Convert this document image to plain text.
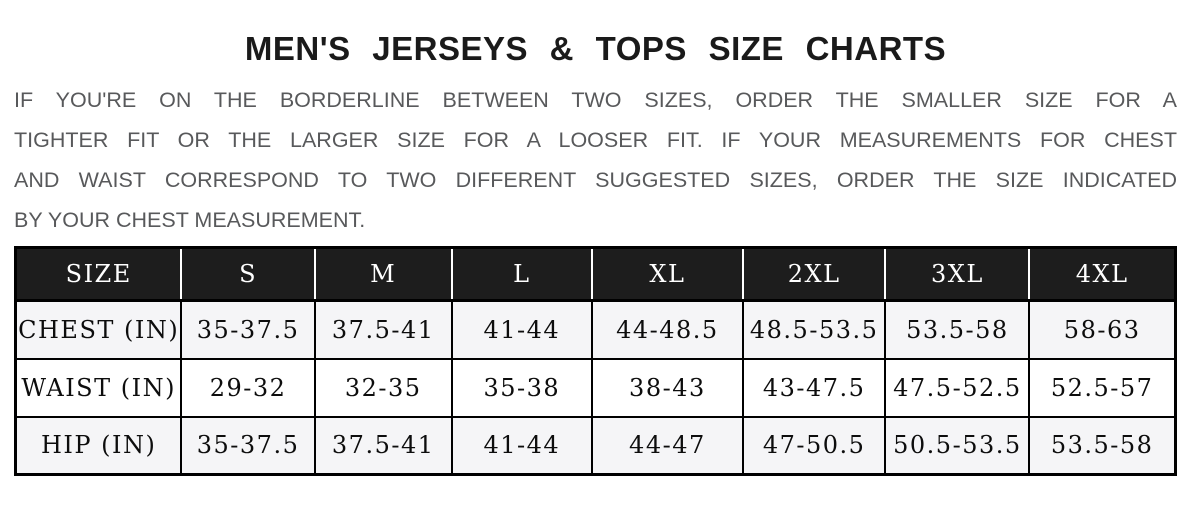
MEN'S JERSEYS & TOPS SIZE CHARTS
IF YOU'RE ON THE BORDERLINE BETWEEN TWO SIZES, ORDER THE SMALLER SIZE FOR A
TIGHTER FIT OR THE LARGER SIZE FOR A LOOSER FIT. IF YOUR MEASUREMENTS FOR CHEST
AND WAIST CORRESPOND TO TWO DIFFERENT SUGGESTED SIZES, ORDER THE SIZE INDICATED
BY YOUR CHEST MEASUREMENT.
SIZE	S	M	L	XL	2XL	3XL	4XL
CHEST (IN)	35-37.5	37.5-41	41-44	44-48.5	48.5-53.5	53.5-58	58-63
WAIST (IN)	29-32	32-35	35-38	38-43	43-47.5	47.5-52.5	52.5-57
HIP (IN)	35-37.5	37.5-41	41-44	44-47	47-50.5	50.5-53.5	53.5-58
